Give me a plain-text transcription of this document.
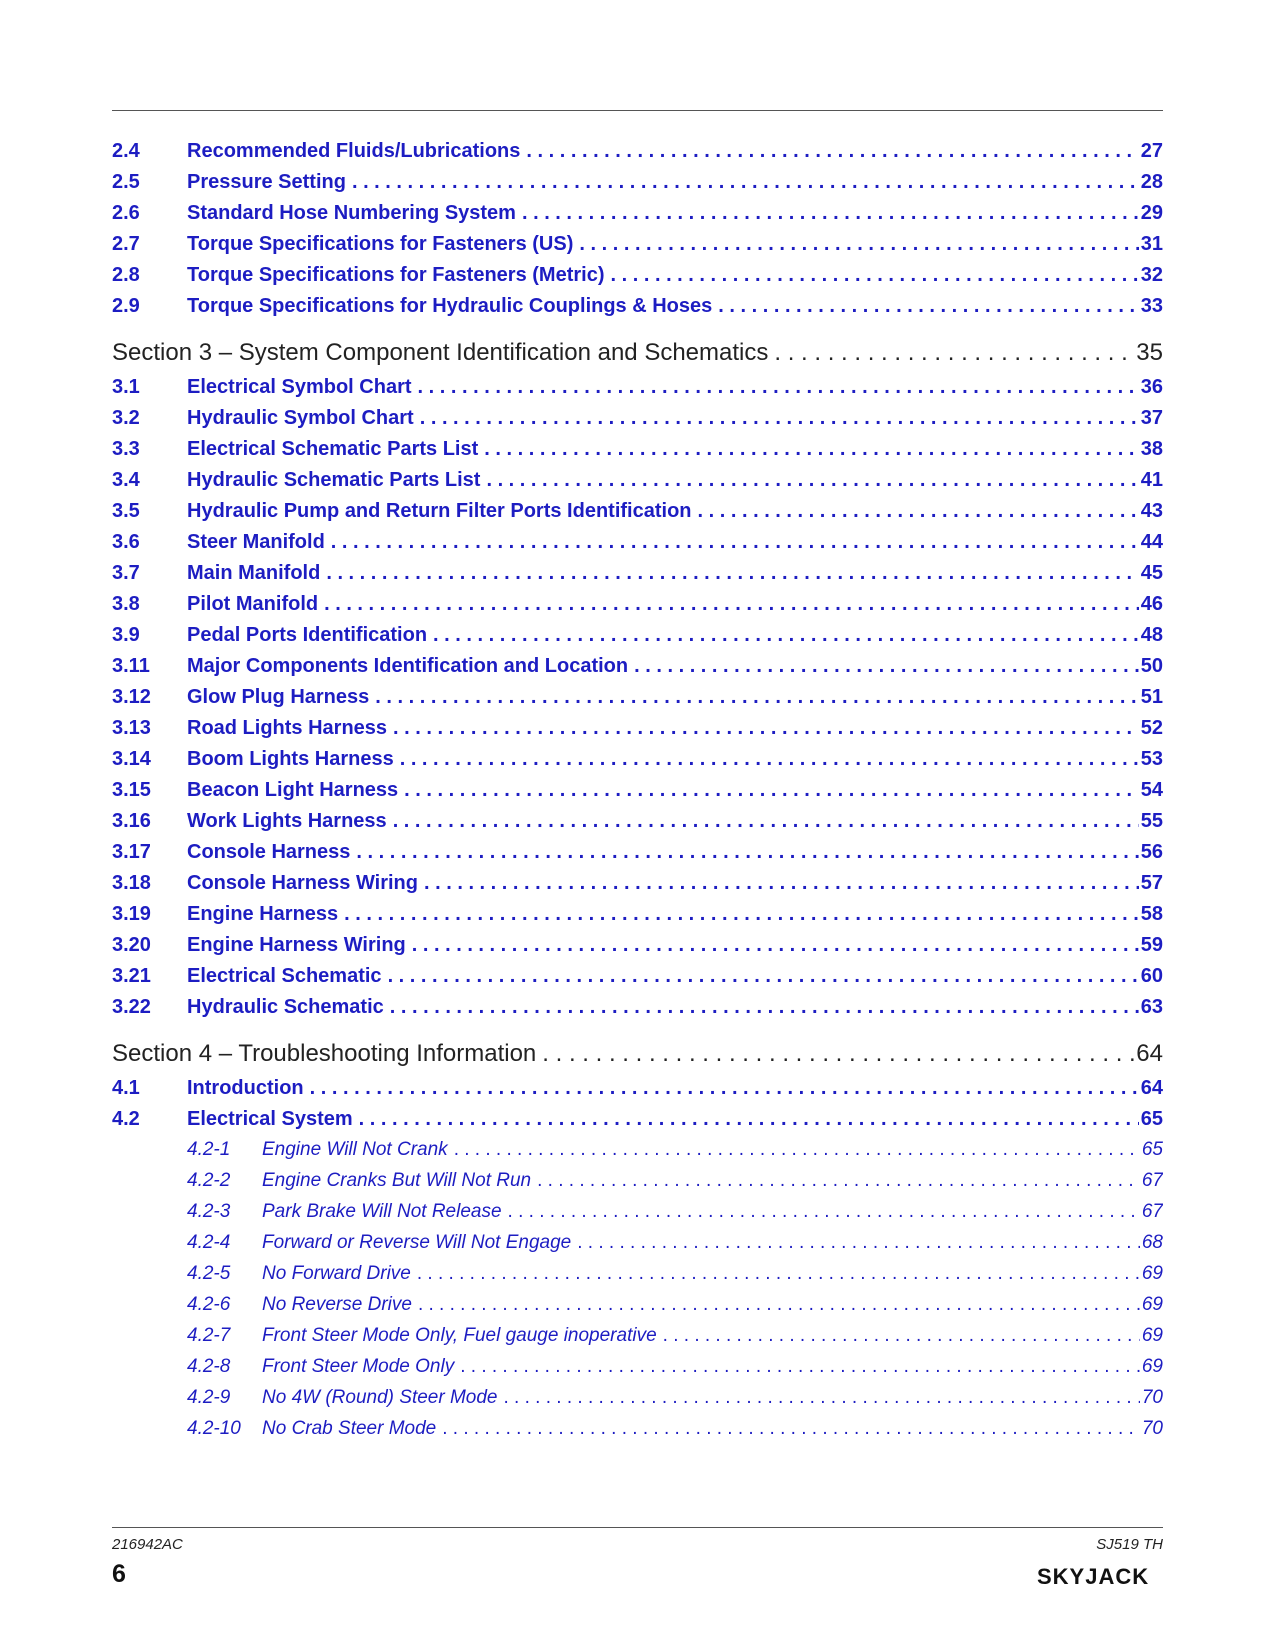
2.4	Recommended Fluids/Lubrications . . .	27
2.5	Pressure Setting . . .	28
2.6	Standard Hose Numbering System . . .	29
2.7	Torque Specifications for Fasteners (US) . . .	31
2.8	Torque Specifications for Fasteners (Metric) . . .	32
2.9	Torque Specifications for Hydraulic Couplings & Hoses . . .	33
Section 3 – System Component Identification and Schematics . . .	35
3.1	Electrical Symbol Chart . . .	36
3.2	Hydraulic Symbol Chart . . .	37
3.3	Electrical Schematic Parts List . . .	38
3.4	Hydraulic Schematic Parts List . . .	41
3.5	Hydraulic Pump and Return Filter Ports Identification . . .	43
3.6	Steer Manifold . . .	44
3.7	Main Manifold . . .	45
3.8	Pilot Manifold . . .	46
3.9	Pedal Ports Identification . . .	48
3.11	Major Components Identification and Location . . .	50
3.12	Glow Plug Harness . . .	51
3.13	Road Lights Harness . . .	52
3.14	Boom Lights Harness . . .	53
3.15	Beacon Light Harness . . .	54
3.16	Work Lights Harness . . .	55
3.17	Console Harness . . .	56
3.18	Console Harness Wiring . . .	57
3.19	Engine Harness . . .	58
3.20	Engine Harness Wiring . . .	59
3.21	Electrical Schematic . . .	60
3.22	Hydraulic Schematic . . .	63
Section 4 – Troubleshooting Information . . .	64
4.1	Introduction . . .	64
4.2	Electrical System . . .	65
4.2-1	Engine Will Not Crank . . .	65
4.2-2	Engine Cranks But Will Not Run . . .	67
4.2-3	Park Brake Will Not Release . . .	67
4.2-4	Forward or Reverse Will Not Engage . . .	68
4.2-5	No Forward Drive . . .	69
4.2-6	No Reverse Drive . . .	69
4.2-7	Front Steer Mode Only, Fuel gauge inoperative . . .	69
4.2-8	Front Steer Mode Only . . .	69
4.2-9	No 4W (Round) Steer Mode . . .	70
4.2-10	No Crab Steer Mode . . .	70
216942AC
6
SJ519 TH
SKYJACK
